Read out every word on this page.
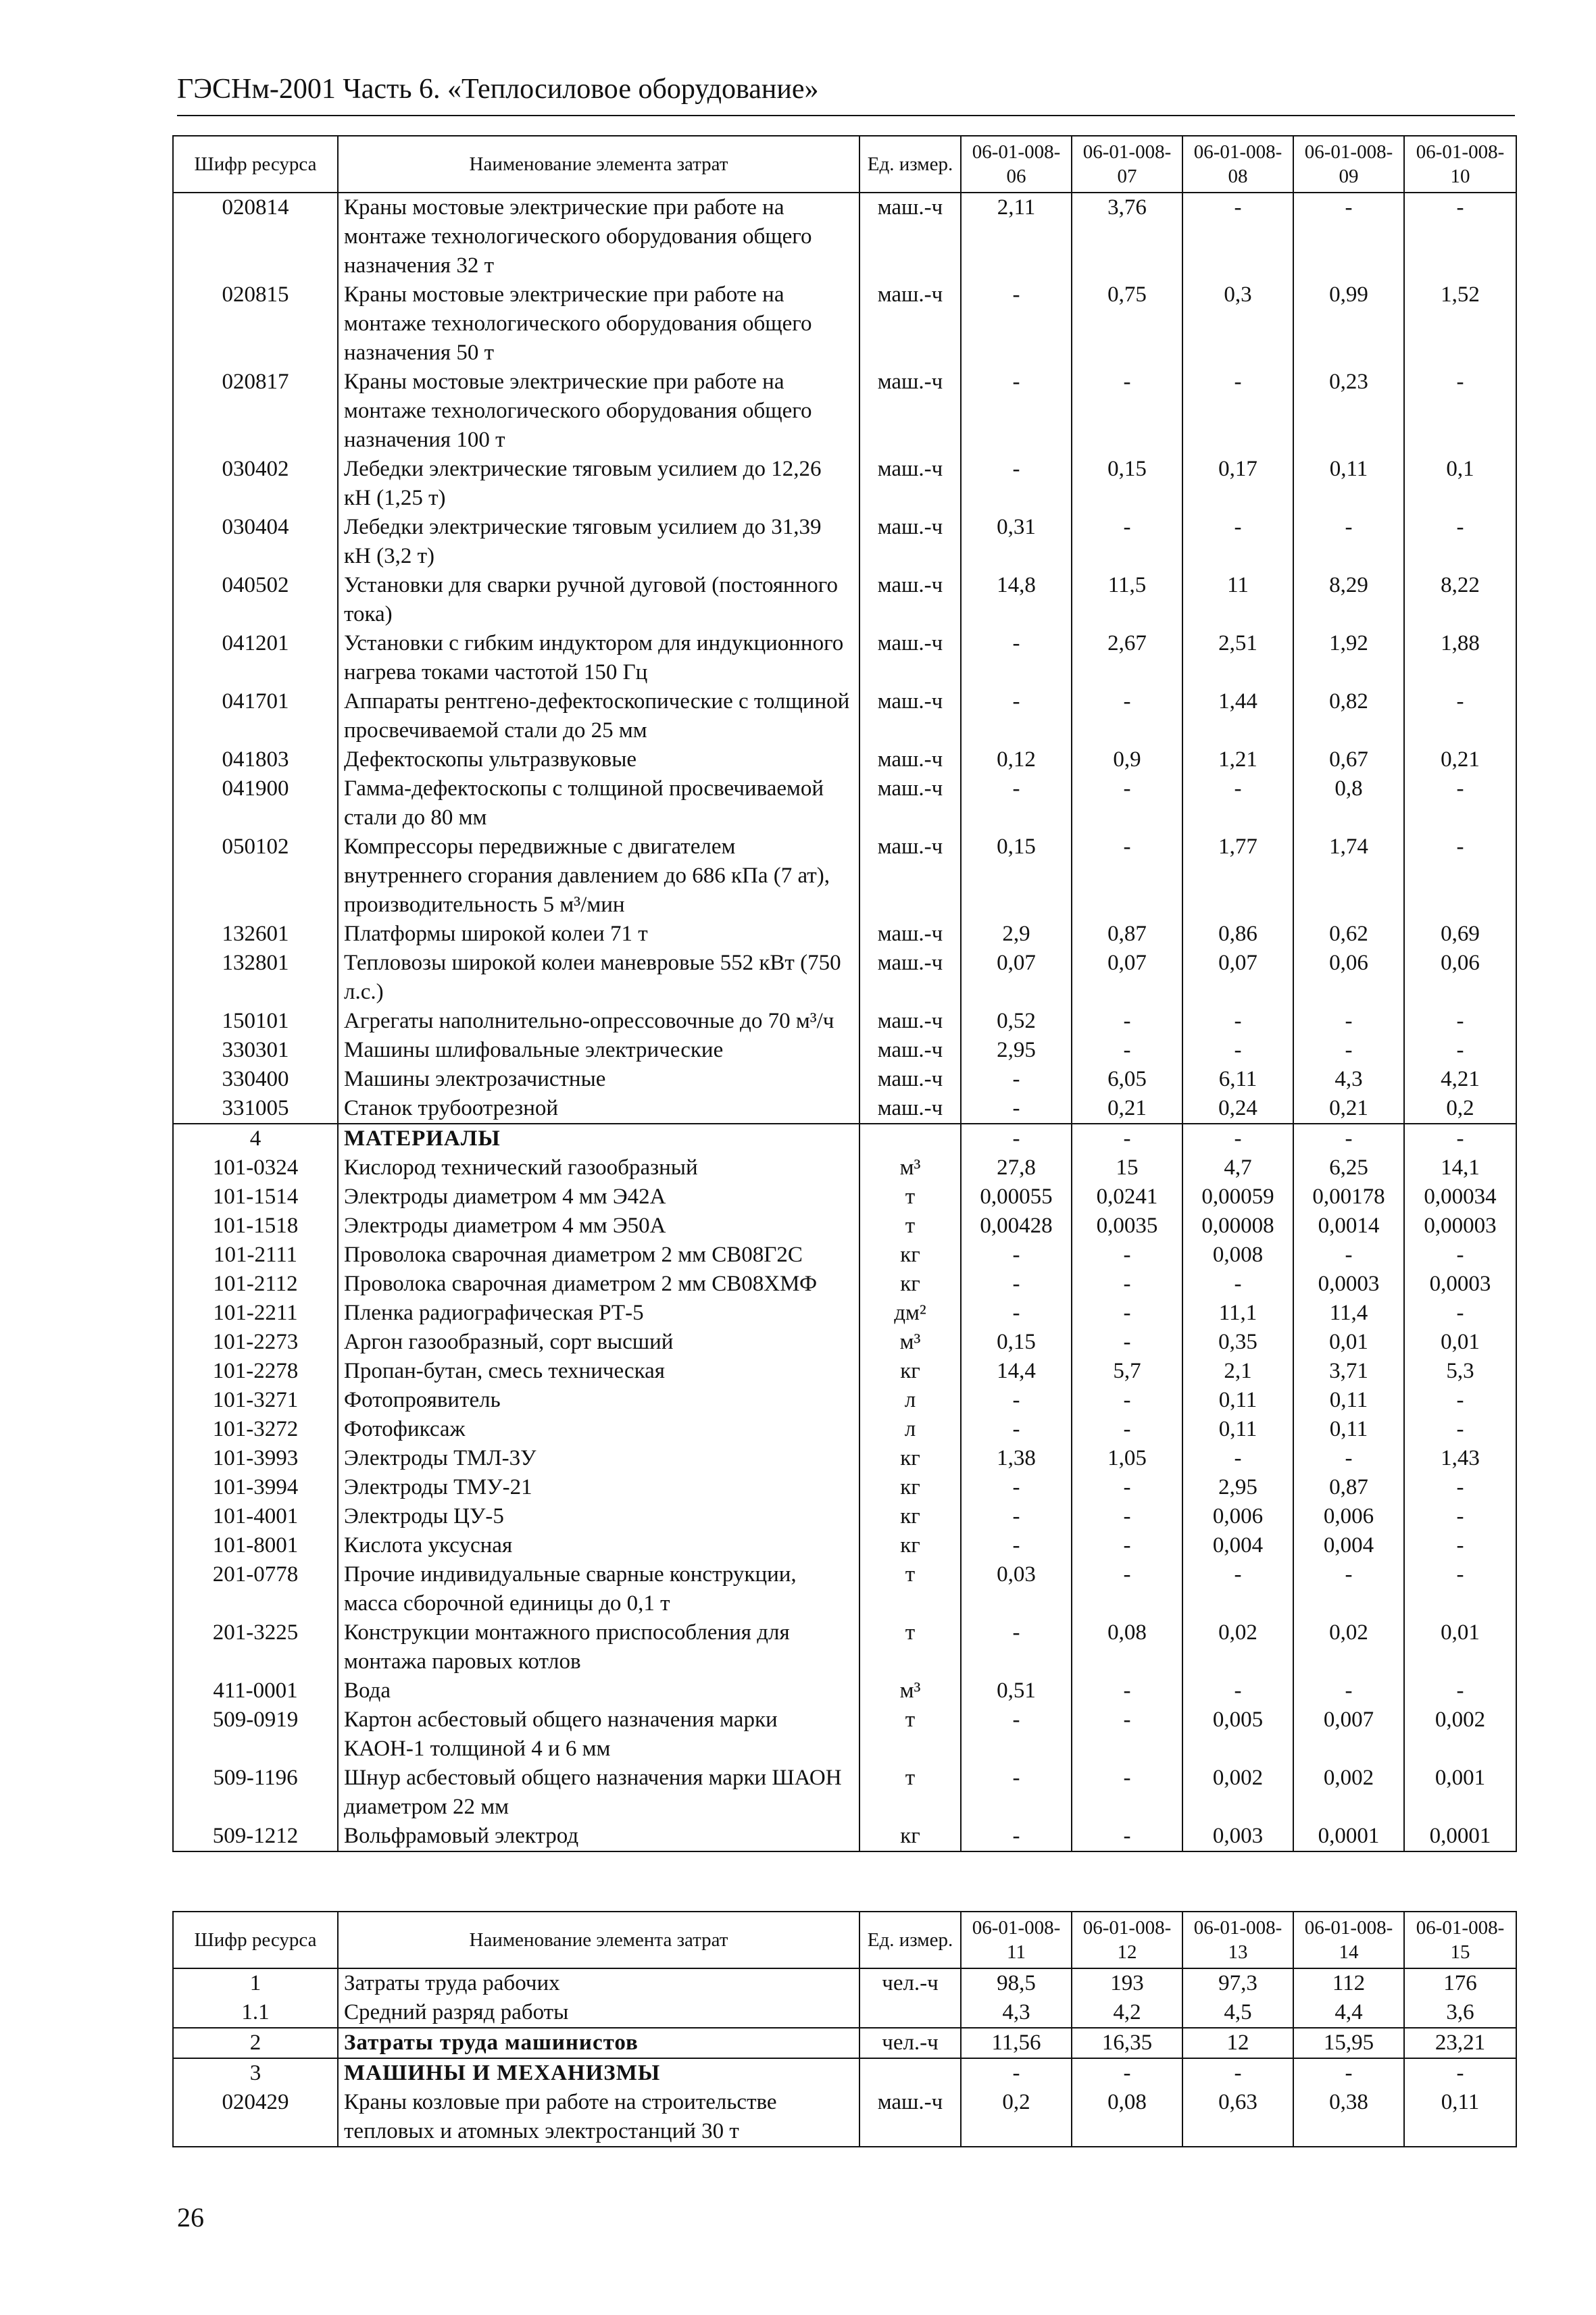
ГЭСНм-2001 Часть 6. «Теплосиловое оборудование»
Шифр ресурса	Наименование элемента затрат	Ед. измер.	06-01-008-06	06-01-008-07	06-01-008-08	06-01-008-09	06-01-008-10
020814	Краны мостовые электрические при работе на монтаже технологического оборудования общего назначения 32 т	маш.-ч	2,11	3,76	-	-	-
020815	Краны мостовые электрические при работе на монтаже технологического оборудования общего назначения 50 т	маш.-ч	-	0,75	0,3	0,99	1,52
020817	Краны мостовые электрические при работе на монтаже технологического оборудования общего назначения 100 т	маш.-ч	-	-	-	0,23	-
030402	Лебедки электрические тяговым усилием до 12,26 кН (1,25 т)	маш.-ч	-	0,15	0,17	0,11	0,1
030404	Лебедки электрические тяговым усилием до 31,39 кН (3,2 т)	маш.-ч	0,31	-	-	-	-
040502	Установки для сварки ручной дуговой (постоянного тока)	маш.-ч	14,8	11,5	11	8,29	8,22
041201	Установки с гибким индуктором для индукционного нагрева токами частотой 150 Гц	маш.-ч	-	2,67	2,51	1,92	1,88
041701	Аппараты рентгено-дефектоскопические с толщиной просвечиваемой стали до 25 мм	маш.-ч	-	-	1,44	0,82	-
041803	Дефектоскопы ультразвуковые	маш.-ч	0,12	0,9	1,21	0,67	0,21
041900	Гамма-дефектоскопы с толщиной просвечиваемой стали до 80 мм	маш.-ч	-	-	-	0,8	-
050102	Компрессоры передвижные с двигателем внутреннего сгорания давлением до 686 кПа (7 ат), производительность 5 м³/мин	маш.-ч	0,15	-	1,77	1,74	-
132601	Платформы широкой колеи 71 т	маш.-ч	2,9	0,87	0,86	0,62	0,69
132801	Тепловозы широкой колеи маневровые 552 кВт (750 л.с.)	маш.-ч	0,07	0,07	0,07	0,06	0,06
150101	Агрегаты наполнительно-опрессовочные до 70 м³/ч	маш.-ч	0,52	-	-	-	-
330301	Машины шлифовальные электрические	маш.-ч	2,95	-	-	-	-
330400	Машины электрозачистные	маш.-ч	-	6,05	6,11	4,3	4,21
331005	Станок трубоотрезной	маш.-ч	-	0,21	0,24	0,21	0,2
4	МАТЕРИАЛЫ		-	-	-	-	-
101-0324	Кислород технический газообразный	м³	27,8	15	4,7	6,25	14,1
101-1514	Электроды диаметром 4 мм Э42А	т	0,00055	0,0241	0,00059	0,00178	0,00034
101-1518	Электроды диаметром 4 мм Э50А	т	0,00428	0,0035	0,00008	0,0014	0,00003
101-2111	Проволока сварочная диаметром 2 мм СВ08Г2С	кг	-	-	0,008	-	-
101-2112	Проволока сварочная диаметром 2 мм СВ08ХМФ	кг	-	-	-	0,0003	0,0003
101-2211	Пленка радиографическая РТ-5	дм²	-	-	11,1	11,4	-
101-2273	Аргон газообразный, сорт высший	м³	0,15	-	0,35	0,01	0,01
101-2278	Пропан-бутан, смесь техническая	кг	14,4	5,7	2,1	3,71	5,3
101-3271	Фотопроявитель	л	-	-	0,11	0,11	-
101-3272	Фотофиксаж	л	-	-	0,11	0,11	-
101-3993	Электроды ТМЛ-3У	кг	1,38	1,05	-	-	1,43
101-3994	Электроды ТМУ-21	кг	-	-	2,95	0,87	-
101-4001	Электроды ЦУ-5	кг	-	-	0,006	0,006	-
101-8001	Кислота уксусная	кг	-	-	0,004	0,004	-
201-0778	Прочие индивидуальные сварные конструкции, масса сборочной единицы до 0,1 т	т	0,03	-	-	-	-
201-3225	Конструкции монтажного приспособления для монтажа паровых котлов	т	-	0,08	0,02	0,02	0,01
411-0001	Вода	м³	0,51	-	-	-	-
509-0919	Картон асбестовый общего назначения марки КАОН-1 толщиной 4 и 6 мм	т	-	-	0,005	0,007	0,002
509-1196	Шнур асбестовый общего назначения марки ШАОН диаметром 22 мм	т	-	-	0,002	0,002	0,001
509-1212	Вольфрамовый электрод	кг	-	-	0,003	0,0001	0,0001
Шифр ресурса	Наименование элемента затрат	Ед. измер.	06-01-008-11	06-01-008-12	06-01-008-13	06-01-008-14	06-01-008-15
1	Затраты труда рабочих	чел.-ч	98,5	193	97,3	112	176
1.1	Средний разряд работы		4,3	4,2	4,5	4,4	3,6
2	Затраты труда машинистов	чел.-ч	11,56	16,35	12	15,95	23,21
3	МАШИНЫ И МЕХАНИЗМЫ		-	-	-	-	-
020429	Краны козловые при работе на строительстве тепловых и атомных электростанций 30 т	маш.-ч	0,2	0,08	0,63	0,38	0,11
26
